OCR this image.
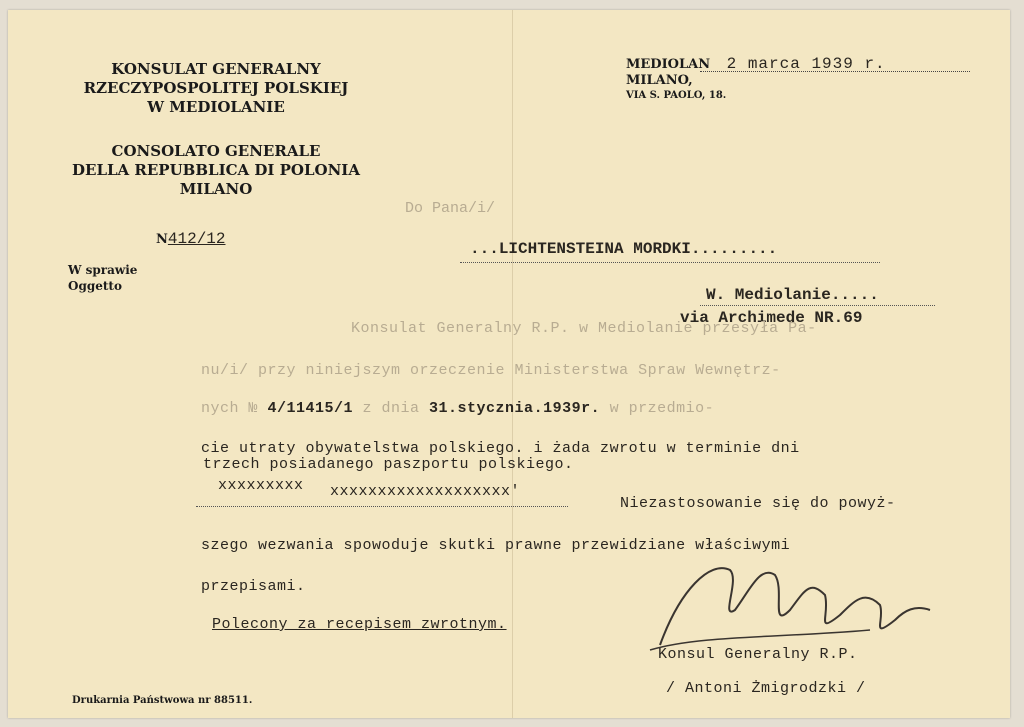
KONSULAT GENERALNY
RZECZYPOSPOLITEJ POLSKIEJ
W MEDIOLANIE
CONSOLATO GENERALE
DELLA REPUBBLICA DI POLONIA
MILANO
N412/12
W sprawie
Oggetto
MEDIOLAN 2 marca 1939 r.
MILANO,
VIA S. PAOLO, 18.
Do Pana/i/
...LICHTENSTEINA MORDKI.........
W. Mediolanie.....
via Archimede NR.69
Konsulat Generalny R.P. w Mediolanie przesyła Pa-
nu/i/ przy niniejszym orzeczenie Ministerstwa Spraw Wewnętrz-
nych № 4/11415/1 z dnia 31.stycznia.1939r. w przedmio-
cie utraty obywatelstwa polskiego. i żada zwrotu w terminie dni
trzech posiadanego paszportu polskiego.
xxxxxxxxx xxxxxxxxxxxxxxxxxxx'
Niezastosowanie się do powyż-
szego wezwania spowoduje skutki prawne przewidziane właściwymi
przepisami.
Polecony za recepisem zwrotnym.
Konsul Generalny R.P.
/ Antoni Żmigrodzki /
Drukarnia Państwowa nr 88511.
